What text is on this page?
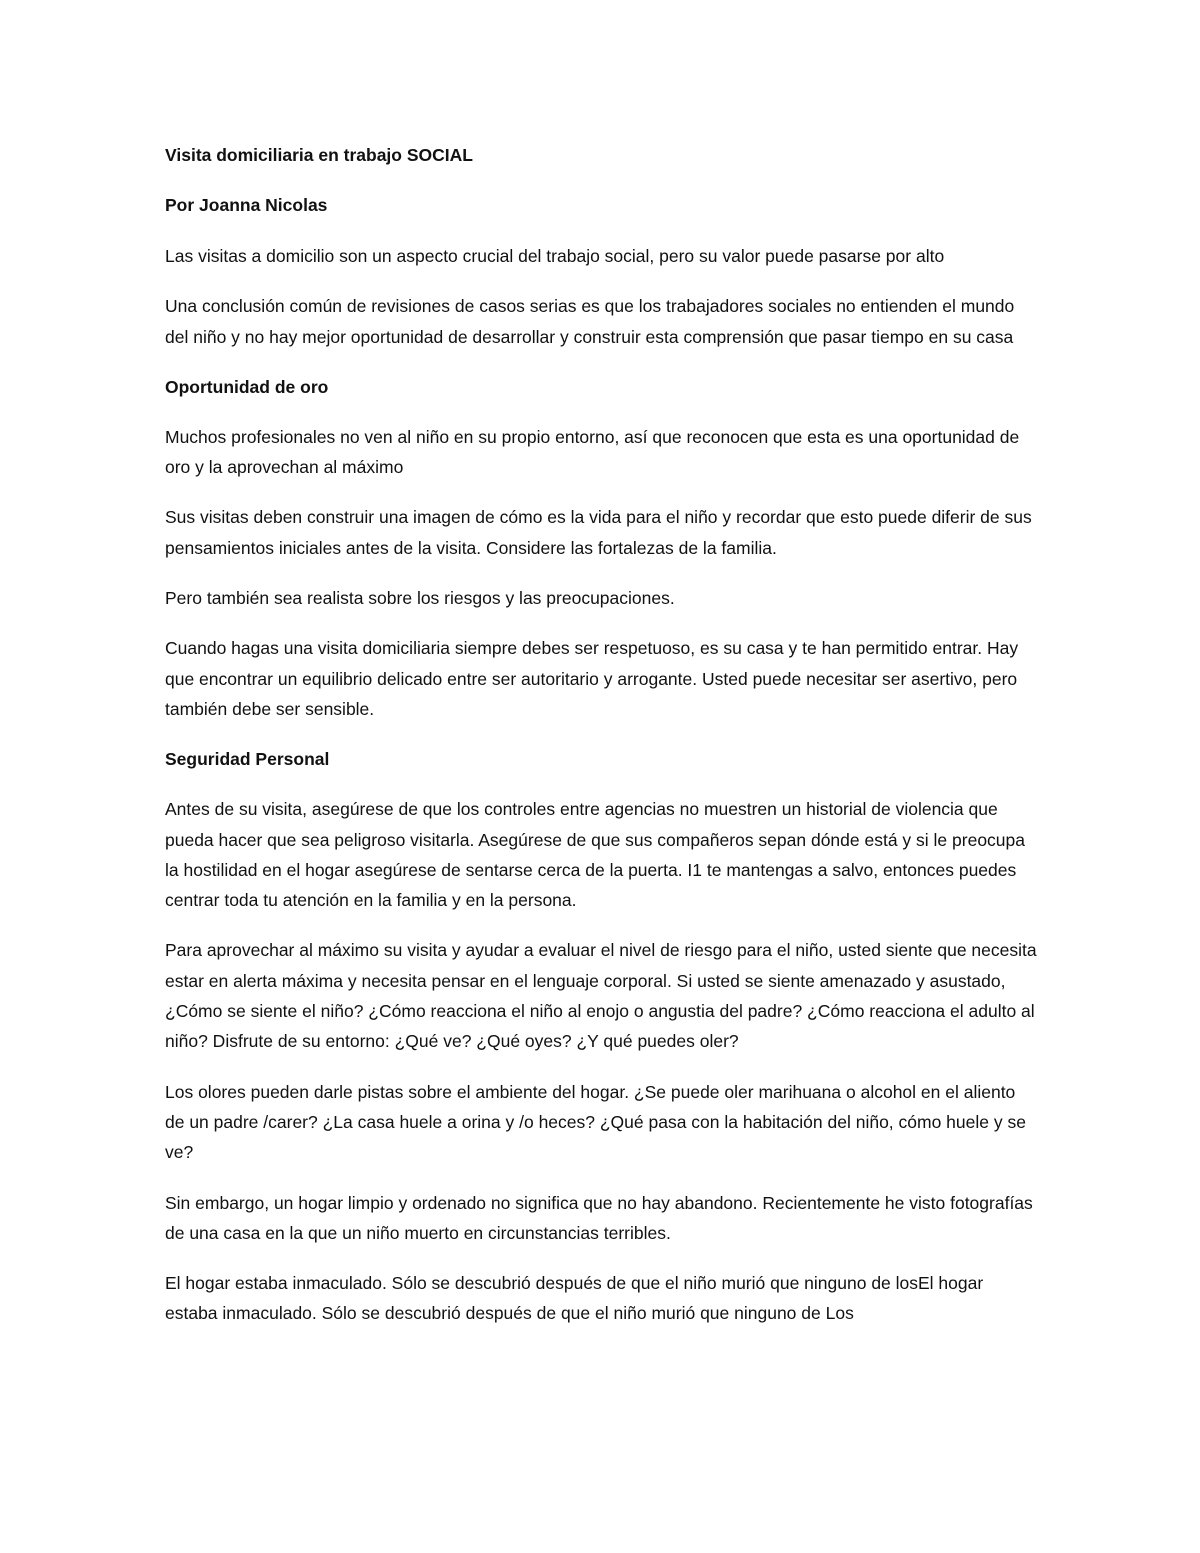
Visita domiciliaria en trabajo SOCIAL
Por Joanna Nicolas

Las visitas a domicilio son un aspecto crucial del trabajo social, pero su valor puede pasarse por alto

Una conclusión común de revisiones de casos serias es que los trabajadores sociales no entienden el mundo del niño y no hay mejor oportunidad de desarrollar y construir esta comprensión que pasar tiempo en su casa

Oportunidad de oro

Muchos profesionales no ven al niño en su propio entorno, así que reconocen que esta es una oportunidad de oro y la aprovechan al máximo

Sus visitas deben construir una imagen de cómo es la vida para el niño y recordar que esto puede diferir de sus pensamientos iniciales antes de la visita. Considere las fortalezas de la familia.

Pero también sea realista sobre los riesgos y las preocupaciones.

Cuando hagas una visita domiciliaria siempre debes ser respetuoso, es su casa y te han permitido entrar. Hay que encontrar un equilibrio delicado entre ser autoritario y arrogante. Usted puede necesitar ser asertivo, pero también debe ser sensible.

Seguridad Personal

Antes de su visita, asegúrese de que los controles entre agencias no muestren un historial de violencia que pueda hacer que sea peligroso visitarla. Asegúrese de que sus compañeros sepan dónde está y si le preocupa la hostilidad en el hogar asegúrese de sentarse cerca de la puerta. I1 te mantengas a salvo, entonces puedes centrar toda tu atención en la familia y en la persona.

Para aprovechar al máximo su visita y ayudar a evaluar el nivel de riesgo para el niño, usted siente que necesita estar en alerta máxima y necesita pensar en el lenguaje corporal. Si usted se siente amenazado y asustado, ¿Cómo se siente el niño? ¿Cómo reacciona el niño al enojo o angustia del padre? ¿Cómo reacciona el adulto al niño? Disfrute de su entorno: ¿Qué ve? ¿Qué oyes? ¿Y qué puedes oler?

Los olores pueden darle pistas sobre el ambiente del hogar. ¿Se puede oler marihuana o alcohol en el aliento de un padre /carer? ¿La casa huele a orina y /o heces? ¿Qué pasa con la habitación del niño, cómo huele y se ve?

Sin embargo, un hogar limpio y ordenado no significa que no hay abandono. Recientemente he visto fotografías de una casa en la que un niño muerto en circunstancias terribles.

El hogar estaba inmaculado. Sólo se descubrió después de que el niño murió que ninguno de losEl hogar estaba inmaculado. Sólo se descubrió después de que el niño murió que ninguno de Los
